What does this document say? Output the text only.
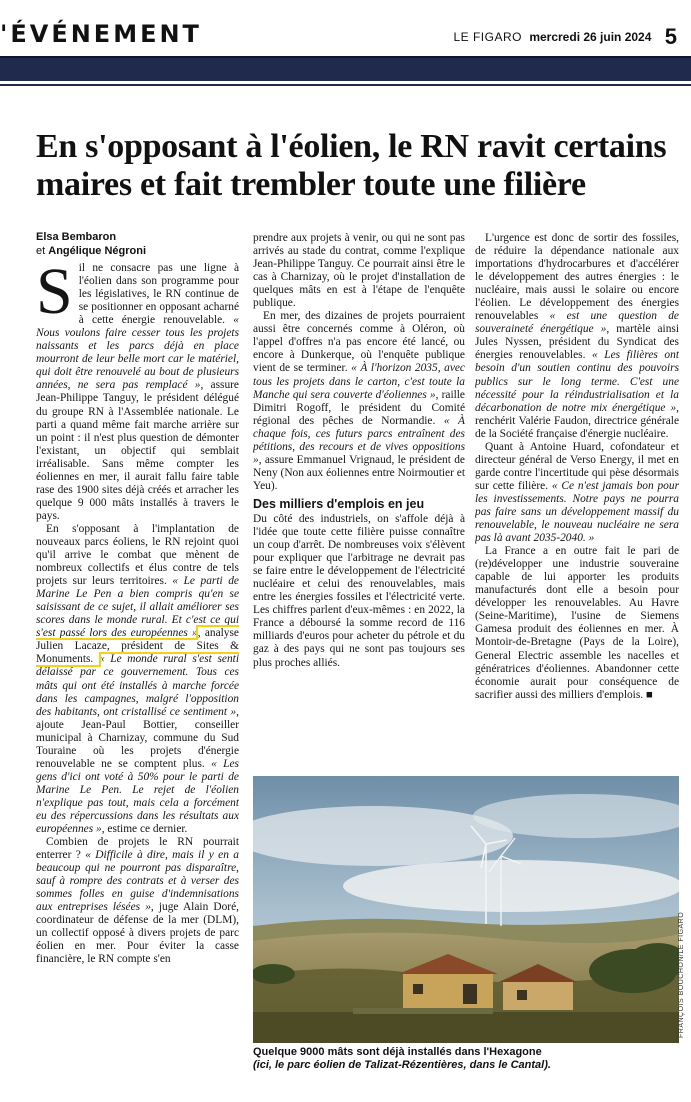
'ÉVÉNEMENT	LE FIGARO mercredi 26 juin 2024 5
En s'opposant à l'éolien, le RN ravit certains maires et fait trembler toute une filière
Elsa Bembaron
et Angélique Négroni

Sil ne consacre pas une ligne à l'éolien dans son programme pour les législatives, le RN continue de se positionner en opposant acharné à cette énergie renouvelable. « Nous voulons faire cesser tous les projets naissants et les parcs déjà en place mourront de leur belle mort car le matériel, qui doit être renouvelé au bout de plusieurs années, ne sera pas remplacé », assure Jean-Philippe Tanguy, le président délégué du groupe RN à l'Assemblée nationale. Le parti a quand même fait marche arrière sur un point : il n'est plus question de démonter l'existant, un objectif qui semblait irréalisable. Sans même compter les éoliennes en mer, il aurait fallu faire table rase des 1900 sites déjà créés et arracher les quelque 9 000 mâts installés à travers le pays.

En s'opposant à l'implantation de nouveaux parcs éoliens, le RN rejoint quoi qu'il arrive le combat que mènent de nombreux collectifs et élus contre de tels projets sur leurs territoires. « Le parti de Marine Le Pen a bien compris qu'en se saisissant de ce sujet, il allait améliorer ses scores dans le monde rural. Et c'est ce qui s'est passé lors des européennes », analyse Julien Lacaze, président de Sites & Monuments. « Le monde rural s'est senti délaissé par ce gouvernement. Tous ces mâts qui ont été installés à marche forcée dans les campagnes, malgré l'opposition des habitants, ont cristallisé ce sentiment », ajoute Jean-Paul Bottier, conseiller municipal à Charnizay, commune du Sud Touraine où les projets d'énergie renouvelable ne se comptent plus. « Les gens d'ici ont voté à 50% pour le parti de Marine Le Pen. Le rejet de l'éolien n'explique pas tout, mais cela a forcément eu des répercussions dans les résultats aux européennes », estime ce dernier.

Combien de projets le RN pourrait enterrer ? « Difficile à dire, mais il y en a beaucoup qui ne pourront pas disparaître, sauf à rompre des contrats et à verser des sommes folles en guise d'indemnisations aux entreprises lésées », juge Alain Doré, coordinateur de défense de la mer (DLM), un collectif opposé à divers projets de parc éolien en mer. Pour éviter la casse financière, le RN compte s'en

prendre aux projets à venir, ou qui ne sont pas arrivés au stade du contrat, comme l'explique Jean-Philippe Tanguy. Ce pourrait ainsi être le cas à Charnizay, où le projet d'installation de quelques mâts en est à l'étape de l'enquête publique.

En mer, des dizaines de projets pourraient aussi être concernés comme à Oléron, où l'appel d'offres n'a pas encore été lancé, ou encore à Dunkerque, où l'enquête publique vient de se terminer. « À l'horizon 2035, avec tous les projets dans le carton, c'est toute la Manche qui sera couverte d'éoliennes », raille Dimitri Rogoff, le président du Comité régional des pêches de Normandie. « À chaque fois, ces futurs parcs entraînent des pétitions, des recours et de vives oppositions », assure Emmanuel Vrignaud, le président de Neny (Non aux éoliennes entre Noirmoutier et Yeu).

Des milliers d'emplois en jeu

Du côté des industriels, on s'affole déjà à l'idée que toute cette filière puisse connaître un coup d'arrêt. De nombreuses voix s'élèvent pour expliquer que l'arbitrage ne devrait pas se faire entre le développement de l'électricité nucléaire et celui des renouvelables, mais entre les énergies fossiles et l'électricité verte. Les chiffres parlent d'eux-mêmes : en 2022, la France a déboursé la somme record de 116 milliards d'euros pour acheter du pétrole et du gaz à des pays qui ne sont pas toujours ses plus proches alliés.

L'urgence est donc de sortir des fossiles, de réduire la dépendance nationale aux importations d'hydrocarbures et d'accélérer le développement des autres énergies : le nucléaire, mais aussi le solaire ou encore l'éolien. Le développement des énergies renouvelables « est une question de souveraineté énergétique », martèle ainsi Jules Nyssen, président du Syndicat des énergies renouvelables. « Les filières ont besoin d'un soutien continu des pouvoirs publics sur le long terme. C'est une nécessité pour la réindustrialisation et la décarbonation de notre mix énergétique », renchérit Valérie Faudon, directrice générale de la Société française d'énergie nucléaire.

Quant à Antoine Huard, cofondateur et directeur général de Verso Energy, il met en garde contre l'incertitude qui pèse désormais sur cette filière. « Ce n'est jamais bon pour les investissements. Notre pays ne pourra pas faire sans un développement massif du renouvelable, le nouveau nucléaire ne sera pas là avant 2035-2040. »

La France a en outre fait le pari de (re)développer une industrie souveraine capable de lui apporter les produits manufacturés dont elle a besoin pour développer les renouvelables. Au Havre (Seine-Maritime), l'usine de Siemens Gamesa produit des éoliennes en mer. À Montoir-de-Bretagne (Pays de la Loire), General Electric assemble les nacelles et génératrices d'éoliennes. Abandonner cette économie aurait pour conséquence de sacrifier aussi des milliers d'emplois. ■

FRANÇOIS BOUCHON/LE FIGARO
Quelque 9000 mâts sont déjà installés dans l'Hexagone
(ici, le parc éolien de Talizat-Rézentières, dans le Cantal).
